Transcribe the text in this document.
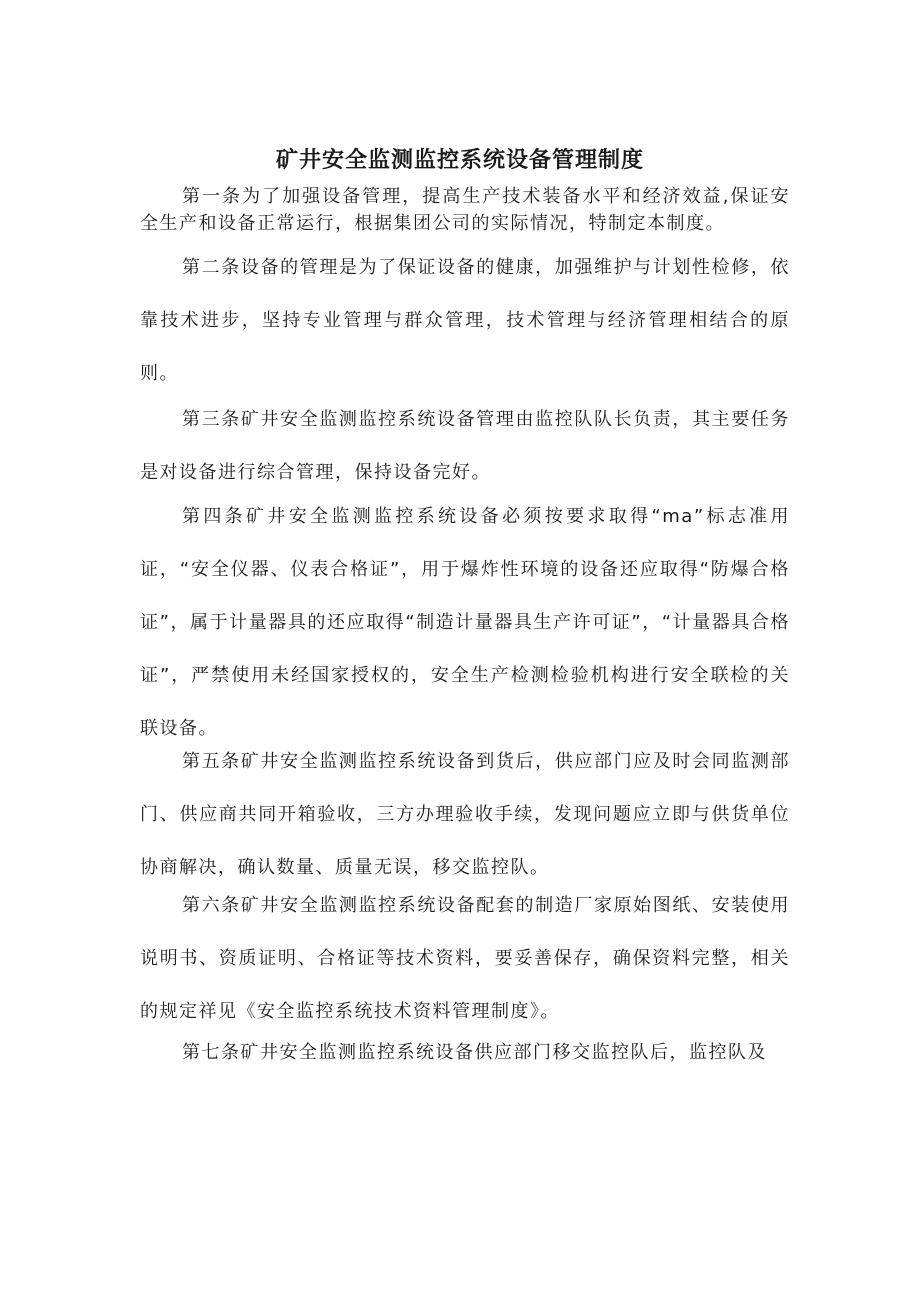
矿井安全监测监控系统设备管理制度

第一条为了加强设备管理，提高生产技术装备水平和经济效益,保证安全生产和设备正常运行，根据集团公司的实际情况，特制定本制度。

第二条设备的管理是为了保证设备的健康，加强维护与计划性检修，依靠技术进步，坚持专业管理与群众管理，技术管理与经济管理相结合的原则。

第三条矿井安全监测监控系统设备管理由监控队队长负责，其主要任务是对设备进行综合管理，保持设备完好。

第四条矿井安全监测监控系统设备必须按要求取得“ma”标志准用证，“安全仪器、仪表合格证”，用于爆炸性环境的设备还应取得“防爆合格证”，属于计量器具的还应取得“制造计量器具生产许可证”，“计量器具合格证”，严禁使用未经国家授权的，安全生产检测检验机构进行安全联检的关联设备。

第五条矿井安全监测监控系统设备到货后，供应部门应及时会同监测部门、供应商共同开箱验收，三方办理验收手续，发现问题应立即与供货单位协商解决，确认数量、质量无误，移交监控队。

第六条矿井安全监测监控系统设备配套的制造厂家原始图纸、安装使用说明书、资质证明、合格证等技术资料，要妥善保存，确保资料完整，相关的规定祥见《安全监控系统技术资料管理制度》。

第七条矿井安全监测监控系统设备供应部门移交监控队后，监控队及
